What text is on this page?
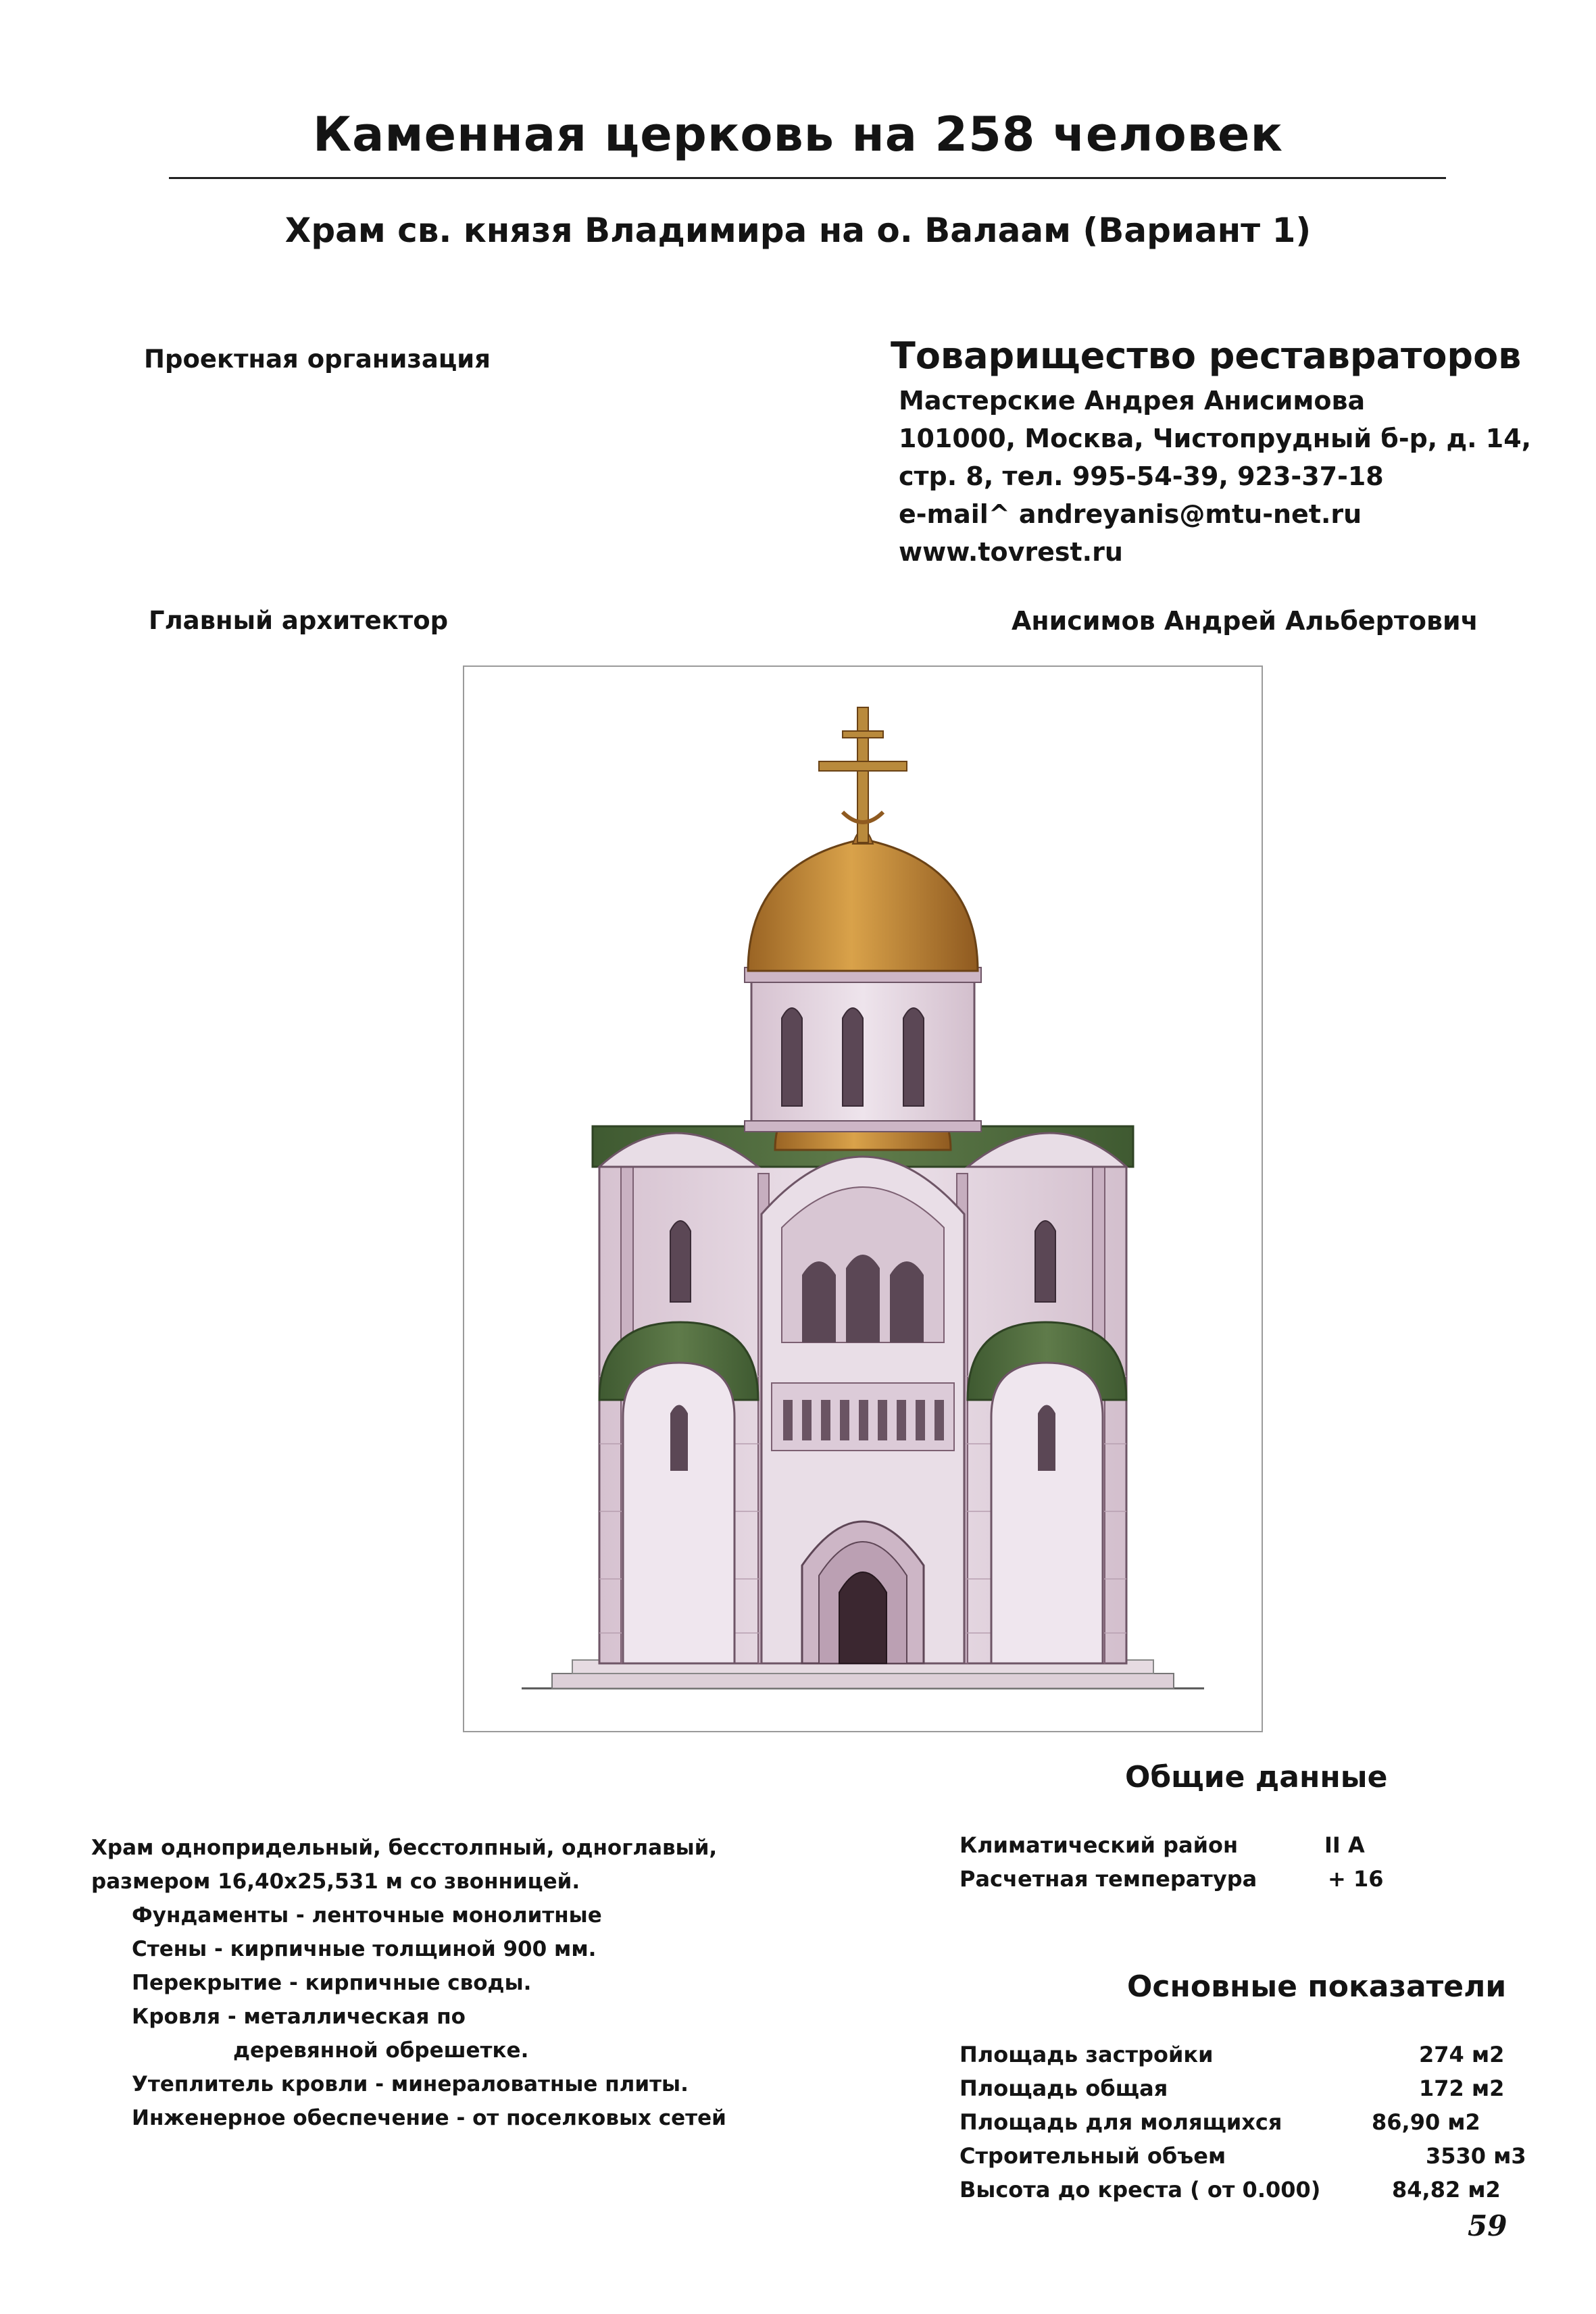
Каменная церковь на 258 человек
Храм св. князя Владимира на о. Валаам (Вариант 1)
Проектная организация	Товарищество реставраторов
Мастерские Андрея Анисимова
101000, Москва, Чистопрудный б-р, д. 14,
стр. 8, тел. 995-54-39, 923-37-18
e-mail^ andreyanis@mtu-net.ru
www.tovrest.ru
Главный архитектор	Анисимов Андрей Альбертович
Общие данные
Храм однопридельный, бесстолпный, одноглавый,
размером 16,40х25,531 м со звонницей.
Фундаменты - ленточные монолитные
Стены - кирпичные толщиной 900 мм.
Перекрытие - кирпичные своды.
Кровля - металлическая по
деревянной обрешетке.
Утеплитель кровли - минераловатные плиты.
Инженерное обеспечение - от поселковых сетей
Климатический район	II A
Расчетная температура	+ 16
Основные показатели
Площадь застройки	274 м2
Площадь общая	172 м2
Площадь для молящихся	86,90 м2
Строительный объем	3530 м3
Высота до креста ( от 0.000)	84,82 м2
59
